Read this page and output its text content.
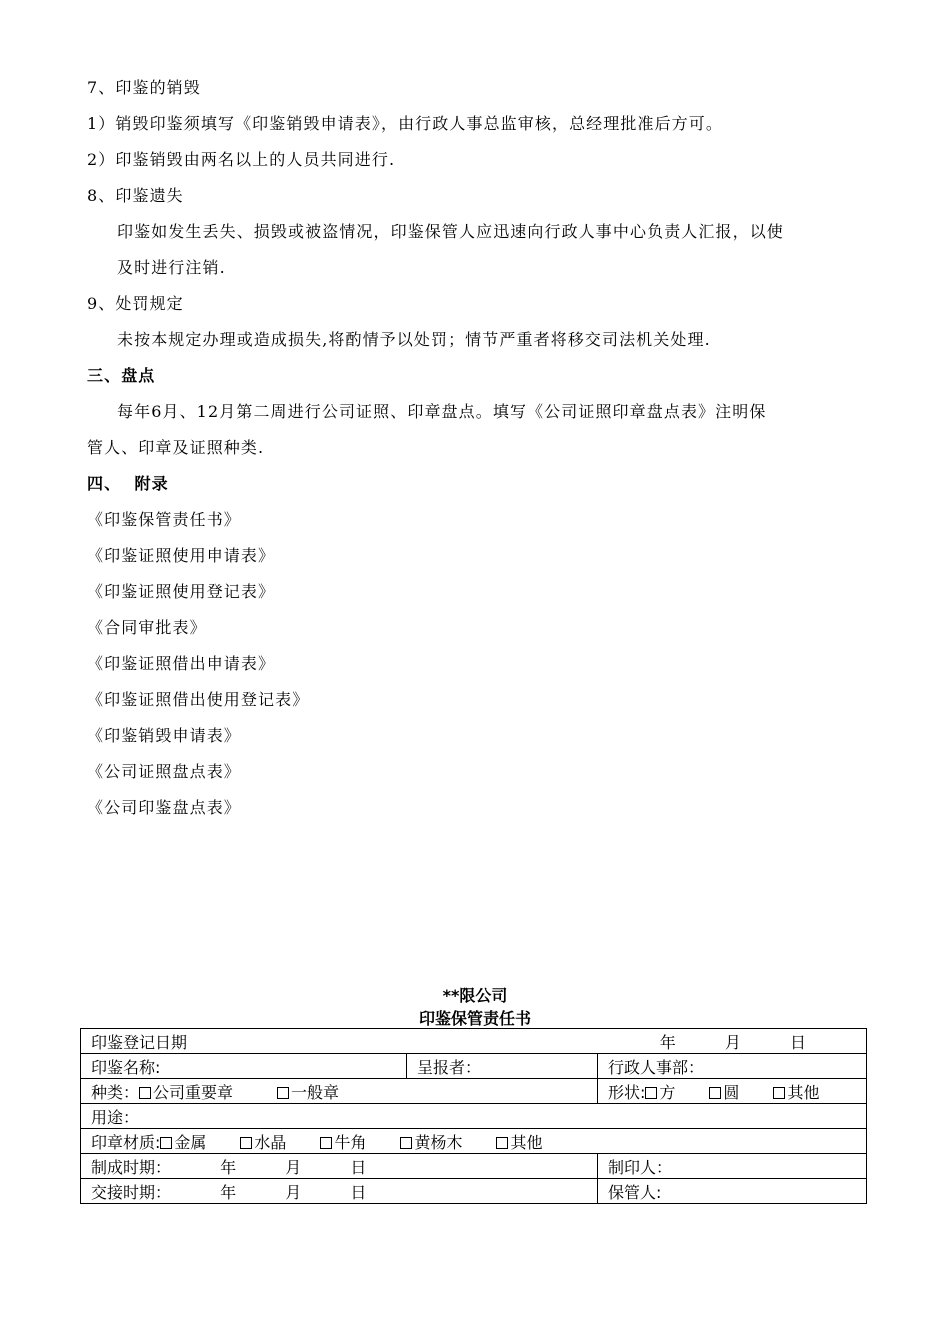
7、印鉴的销毁
1）销毁印鉴须填写《印鉴销毁申请表》，由行政人事总监审核，总经理批准后方可。
2）印鉴销毁由两名以上的人员共同进行.
8、印鉴遗失
印鉴如发生丢失、损毁或被盗情况，印鉴保管人应迅速向行政人事中心负责人汇报，以使
及时进行注销.
9、处罚规定
未按本规定办理或造成损失,将酌情予以处罚；情节严重者将移交司法机关处理.
三、盘点
每年6月、12月第二周进行公司证照、印章盘点。填写《公司证照印章盘点表》注明保
管人、印章及证照种类.
四、  附录
《印鉴保管责任书》
《印鉴证照使用申请表》
《印鉴证照使用登记表》
《合同审批表》
《印鉴证照借出申请表》
《印鉴证照借出使用登记表》
《印鉴销毁申请表》
《公司证照盘点表》
《公司印鉴盘点表》
**限公司
印鉴保管责任书
印鉴登记日期 年 月 日		

印鉴名称:	呈报者：	行政人事部：
种类： 公司重要章 一般章		形状: 方 圆 其他
用途：		
印章材质: 金属 水晶 牛角 黄杨木 其他		
制成时期： 年 月 日		制印人：
交接时期： 年 月 日		保管人:
